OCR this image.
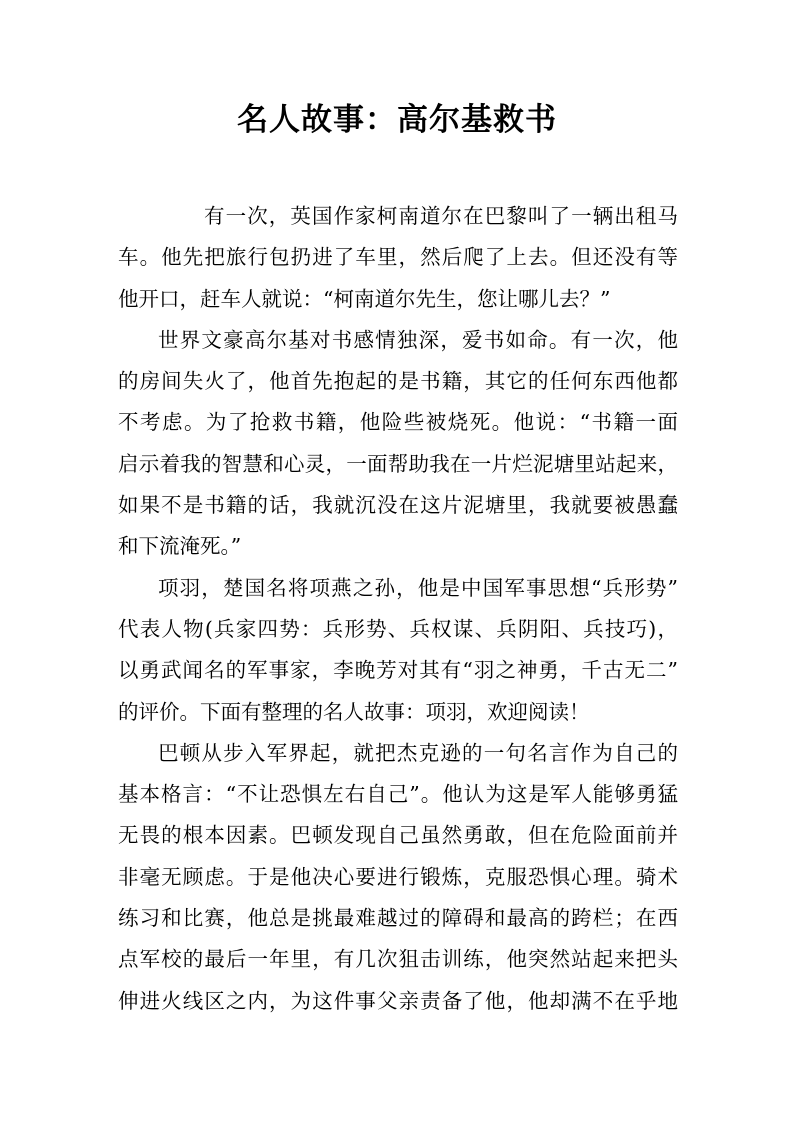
名人故事：高尔基救书
有一次，英国作家柯南道尔在巴黎叫了一辆出租马
车。他先把旅行包扔进了车里，然后爬了上去。但还没有等
他开口，赶车人就说：“柯南道尔先生，您让哪儿去？”
世界文豪高尔基对书感情独深，爱书如命。有一次，他
的房间失火了，他首先抱起的是书籍，其它的任何东西他都
不考虑。为了抢救书籍，他险些被烧死。他说：“书籍一面
启示着我的智慧和心灵，一面帮助我在一片烂泥塘里站起来，
如果不是书籍的话，我就沉没在这片泥塘里，我就要被愚蠢
和下流淹死。”
项羽，楚国名将项燕之孙，他是中国军事思想“兵形势”
代表人物(兵家四势：兵形势、兵权谋、兵阴阳、兵技巧)，
以勇武闻名的军事家，李晚芳对其有“羽之神勇，千古无二”
的评价。下面有整理的名人故事：项羽，欢迎阅读！
巴顿从步入军界起，就把杰克逊的一句名言作为自己的
基本格言：“不让恐惧左右自己”。他认为这是军人能够勇猛
无畏的根本因素。巴顿发现自己虽然勇敢，但在危险面前并
非毫无顾虑。于是他决心要进行锻炼，克服恐惧心理。骑术
练习和比赛，他总是挑最难越过的障碍和最高的跨栏；在西
点军校的最后一年里，有几次狙击训练，他突然站起来把头
伸进火线区之内，为这件事父亲责备了他，他却满不在乎地
